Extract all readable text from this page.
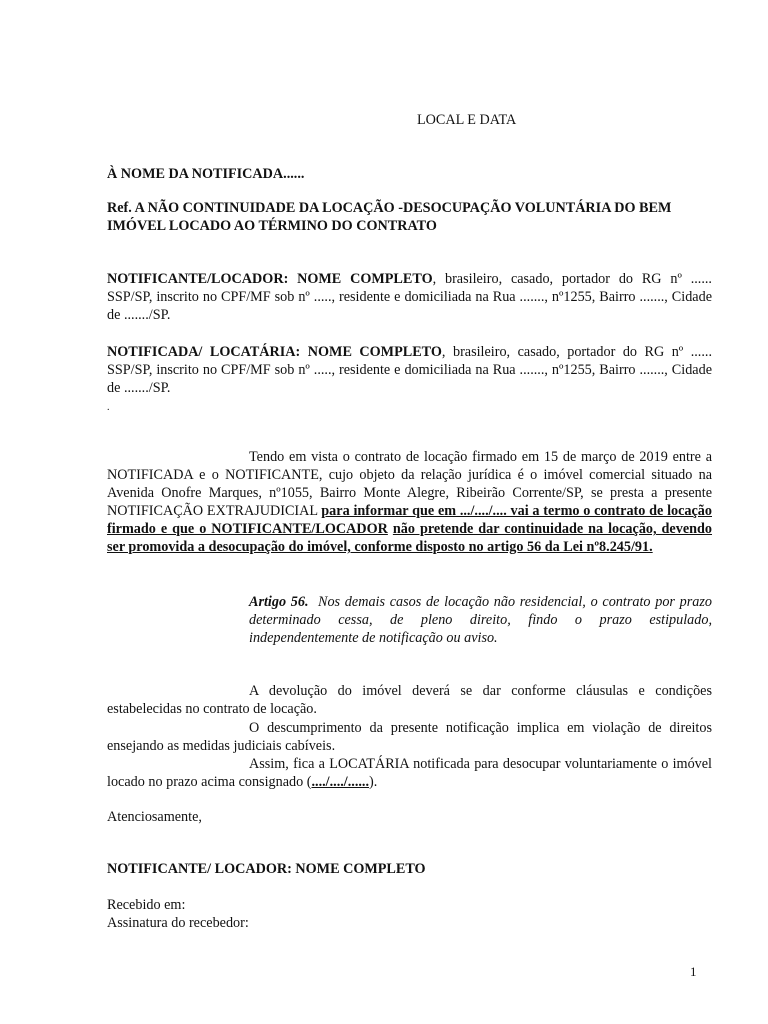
LOCAL E DATA
À NOME DA NOTIFICADA......
Ref. A NÃO CONTINUIDADE DA LOCAÇÃO -DESOCUPAÇÃO VOLUNTÁRIA DO BEM
IMÓVEL LOCADO AO TÉRMINO DO CONTRATO

NOTIFICANTE/LOCADOR: NOME COMPLETO, brasileiro, casado, portador do RG nº ...... SSP/SP, inscrito no CPF/MF sob nº ....., residente e domiciliada na Rua ......., nº1255, Bairro ......., Cidade de ......./SP.

NOTIFICADA/ LOCATÁRIA: NOME COMPLETO, brasileiro, casado, portador do RG nº ...... SSP/SP, inscrito no CPF/MF sob nº ....., residente e domiciliada na Rua ......., nº1255, Bairro ......., Cidade de ......./SP.

.

Tendo em vista o contrato de locação firmado em 15 de março de 2019 entre a NOTIFICADA e o NOTIFICANTE, cujo objeto da relação jurídica é o imóvel comercial situado na Avenida Onofre Marques, nº1055, Bairro Monte Alegre, Ribeirão Corrente/SP, se presta a presente NOTIFICAÇÃO EXTRAJUDICIAL para informar que em .../..../.... vai a termo o contrato de locação firmado e que o NOTIFICANTE/LOCADOR não pretende dar continuidade na locação, devendo ser promovida a desocupação do imóvel, conforme disposto no artigo 56 da Lei nº8.245/91.

Artigo 56. Nos demais casos de locação não residencial, o contrato por prazo determinado cessa, de pleno direito, findo o prazo estipulado, independentemente de notificação ou aviso.

A devolução do imóvel deverá se dar conforme cláusulas e condições estabelecidas no contrato de locação.

O descumprimento da presente notificação implica em violação de direitos ensejando as medidas judiciais cabíveis.

Assim, fica a LOCATÁRIA notificada para desocupar voluntariamente o imóvel locado no prazo acima consignado (..../..../......).

Atenciosamente,
NOTIFICANTE/ LOCADOR: NOME COMPLETO
Recebido em:
Assinatura do recebedor:
1
